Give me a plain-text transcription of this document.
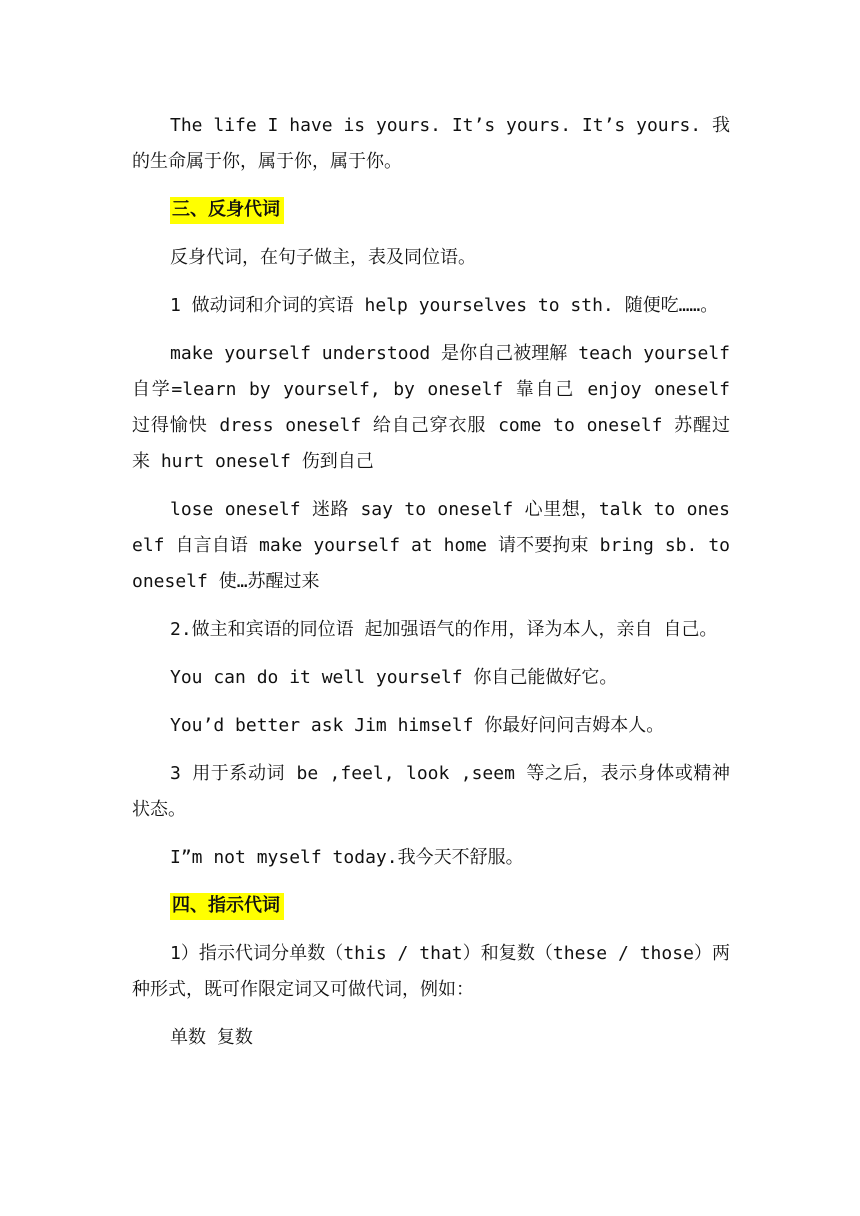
The life I have is yours. It’s yours. It’s yours. 我的生命属于你，属于你，属于你。

三、反身代词

反身代词，在句子做主，表及同位语。

1 做动词和介词的宾语 help yourselves to sth. 随便吃……。

make yourself understood 是你自己被理解 teach yourself 自学=learn by yourself, by oneself 靠自己 enjoy oneself 过得愉快 dress oneself 给自己穿衣服 come to oneself 苏醒过来 hurt oneself 伤到自己

lose oneself 迷路 say to oneself 心里想，talk to oneself 自言自语 make yourself at home 请不要拘束 bring sb. to oneself 使…苏醒过来

2.做主和宾语的同位语 起加强语气的作用，译为本人，亲自 自己。

You can do it well yourself 你自己能做好它。

You’d better ask Jim himself 你最好问问吉姆本人。

3 用于系动词 be ,feel, look ,seem 等之后，表示身体或精神状态。

I”m not myself today.我今天不舒服。

四、指示代词

1）指示代词分单数（this / that）和复数（these / those）两种形式，既可作限定词又可做代词，例如：

单数 复数
